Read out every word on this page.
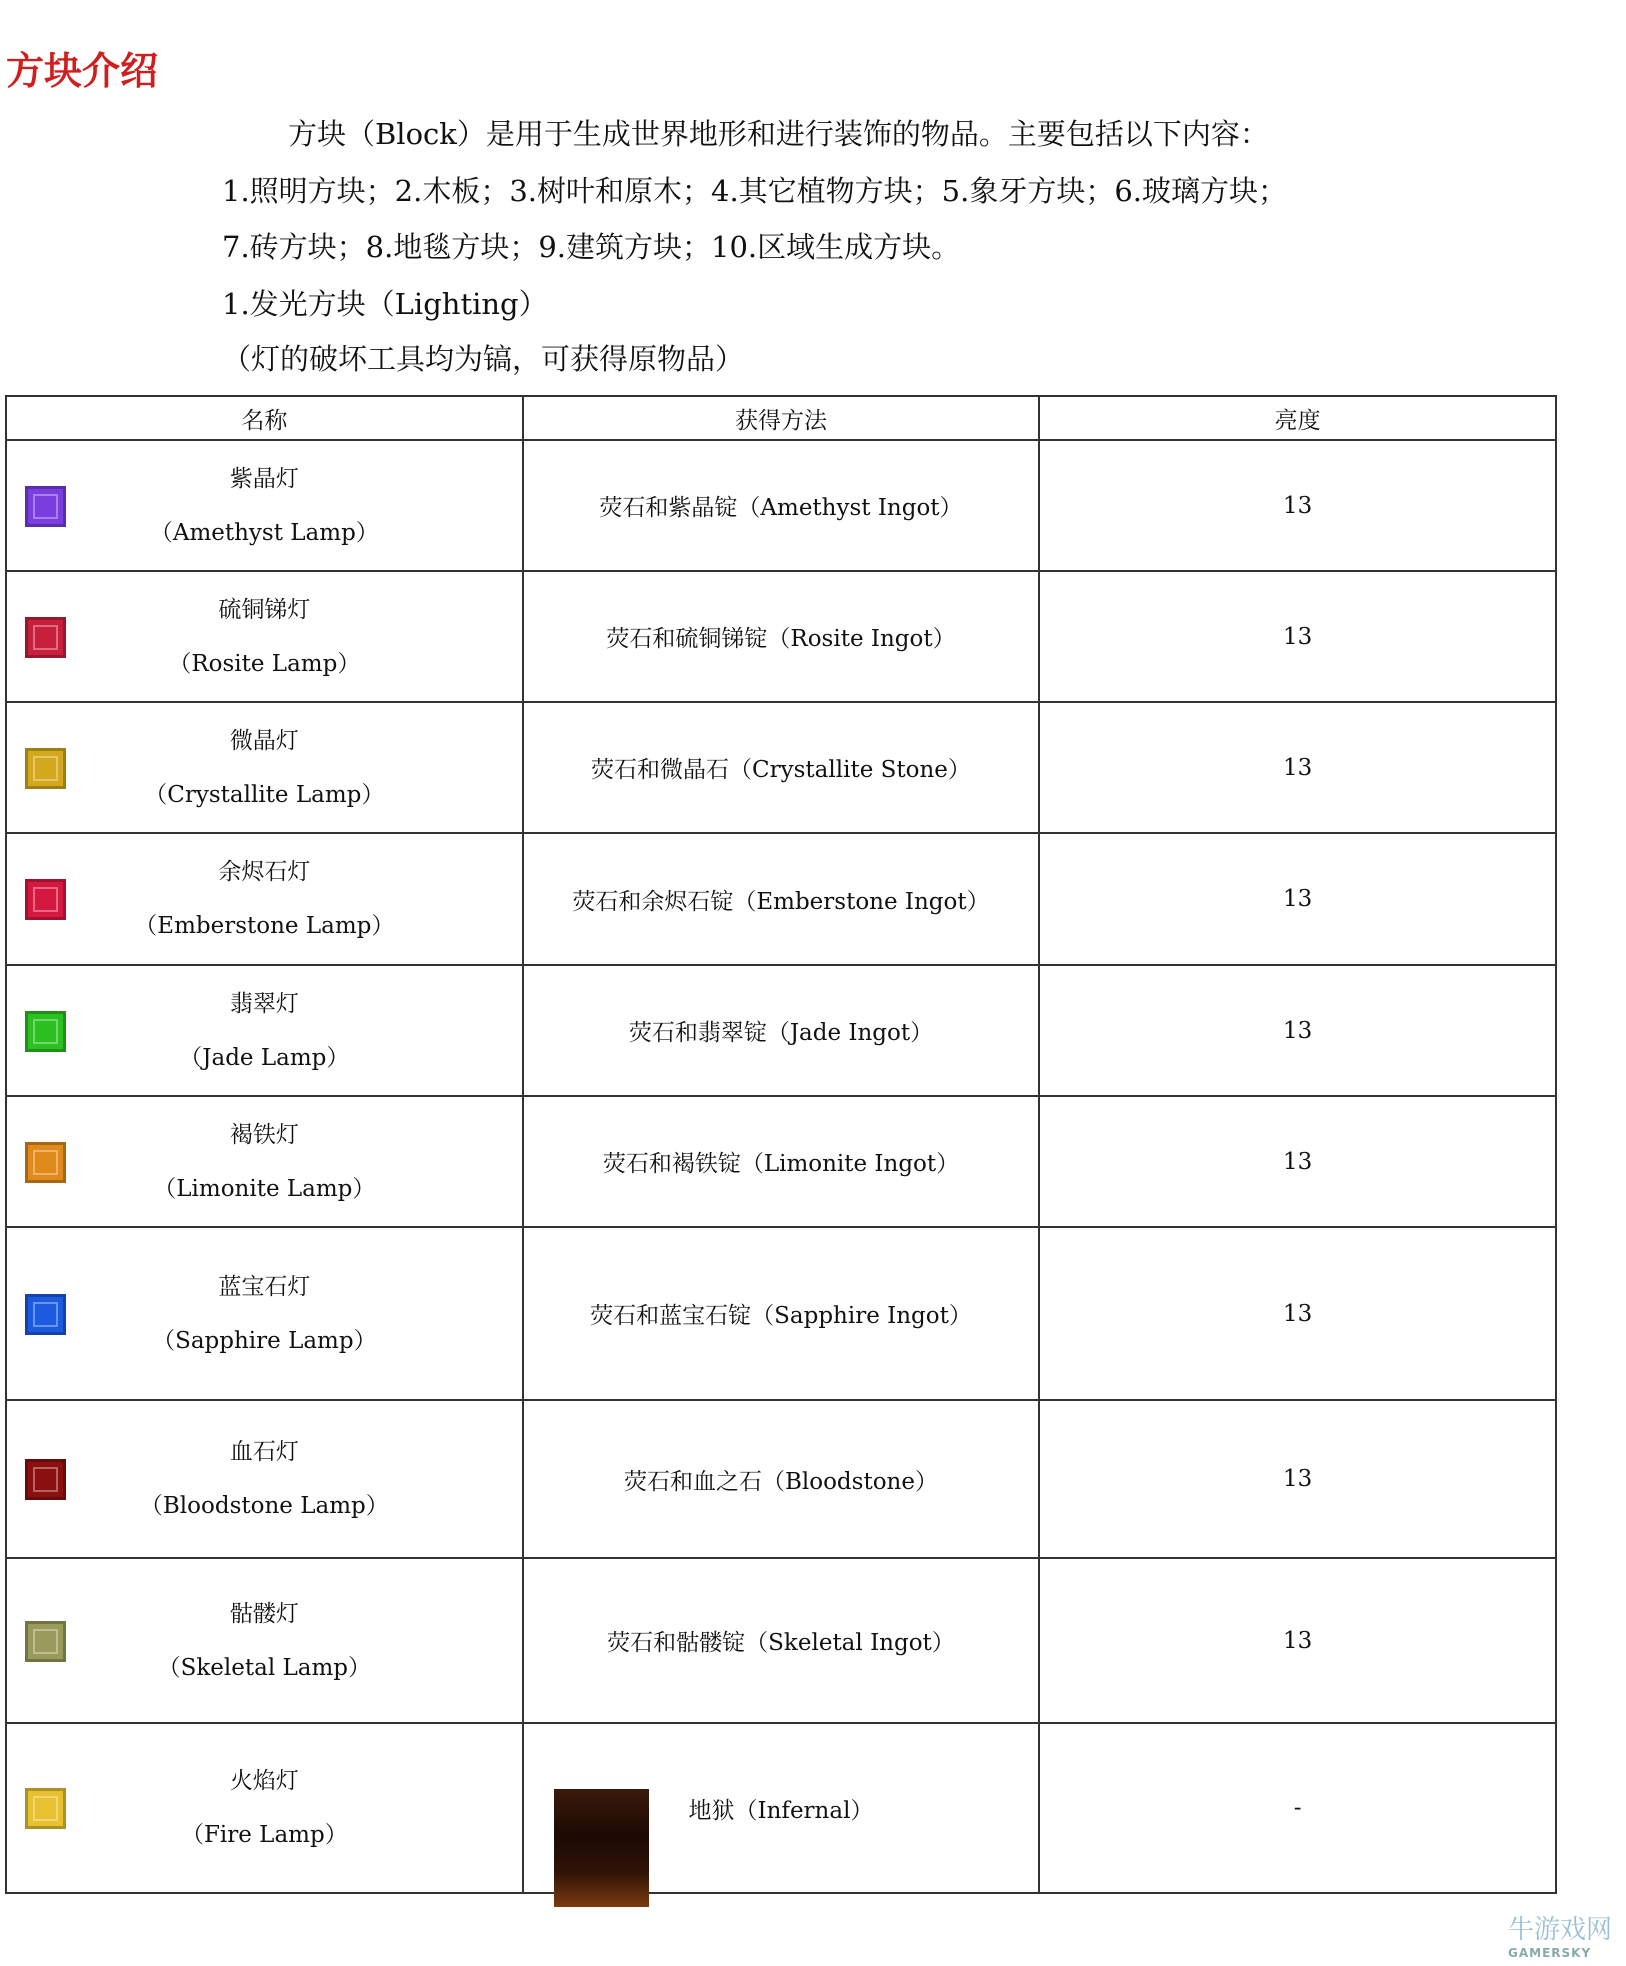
方块介绍
方块（Block）是用于生成世界地形和进行装饰的物品。主要包括以下内容：
1.照明方块；2.木板；3.树叶和原木；4.其它植物方块；5.象牙方块；6.玻璃方块；
7.砖方块；8.地毯方块；9.建筑方块；10.区域生成方块。
1.发光方块（Lighting）
（灯的破坏工具均为镐，可获得原物品）
名称	获得方法	亮度

紫晶灯
（Amethyst Lamp）	荧石和紫晶锭（Amethyst Ingot）	13

硫铜锑灯
（Rosite Lamp）	荧石和硫铜锑锭（Rosite Ingot）	13

微晶灯
（Crystallite Lamp）	荧石和微晶石（Crystallite Stone）	13

余烬石灯
（Emberstone Lamp）	荧石和余烬石锭（Emberstone Ingot）	13

翡翠灯
（Jade Lamp）	荧石和翡翠锭（Jade Ingot）	13

褐铁灯
（Limonite Lamp）	荧石和褐铁锭（Limonite Ingot）	13

蓝宝石灯
（Sapphire Lamp）	荧石和蓝宝石锭（Sapphire Ingot）	13

血石灯
（Bloodstone Lamp）	荧石和血之石（Bloodstone）	13

骷髅灯
（Skeletal Lamp）	荧石和骷髅锭（Skeletal Ingot）	13

火焰灯
（Fire Lamp）	地狱（Infernal）	-
牛游戏网
GAMERSKY
